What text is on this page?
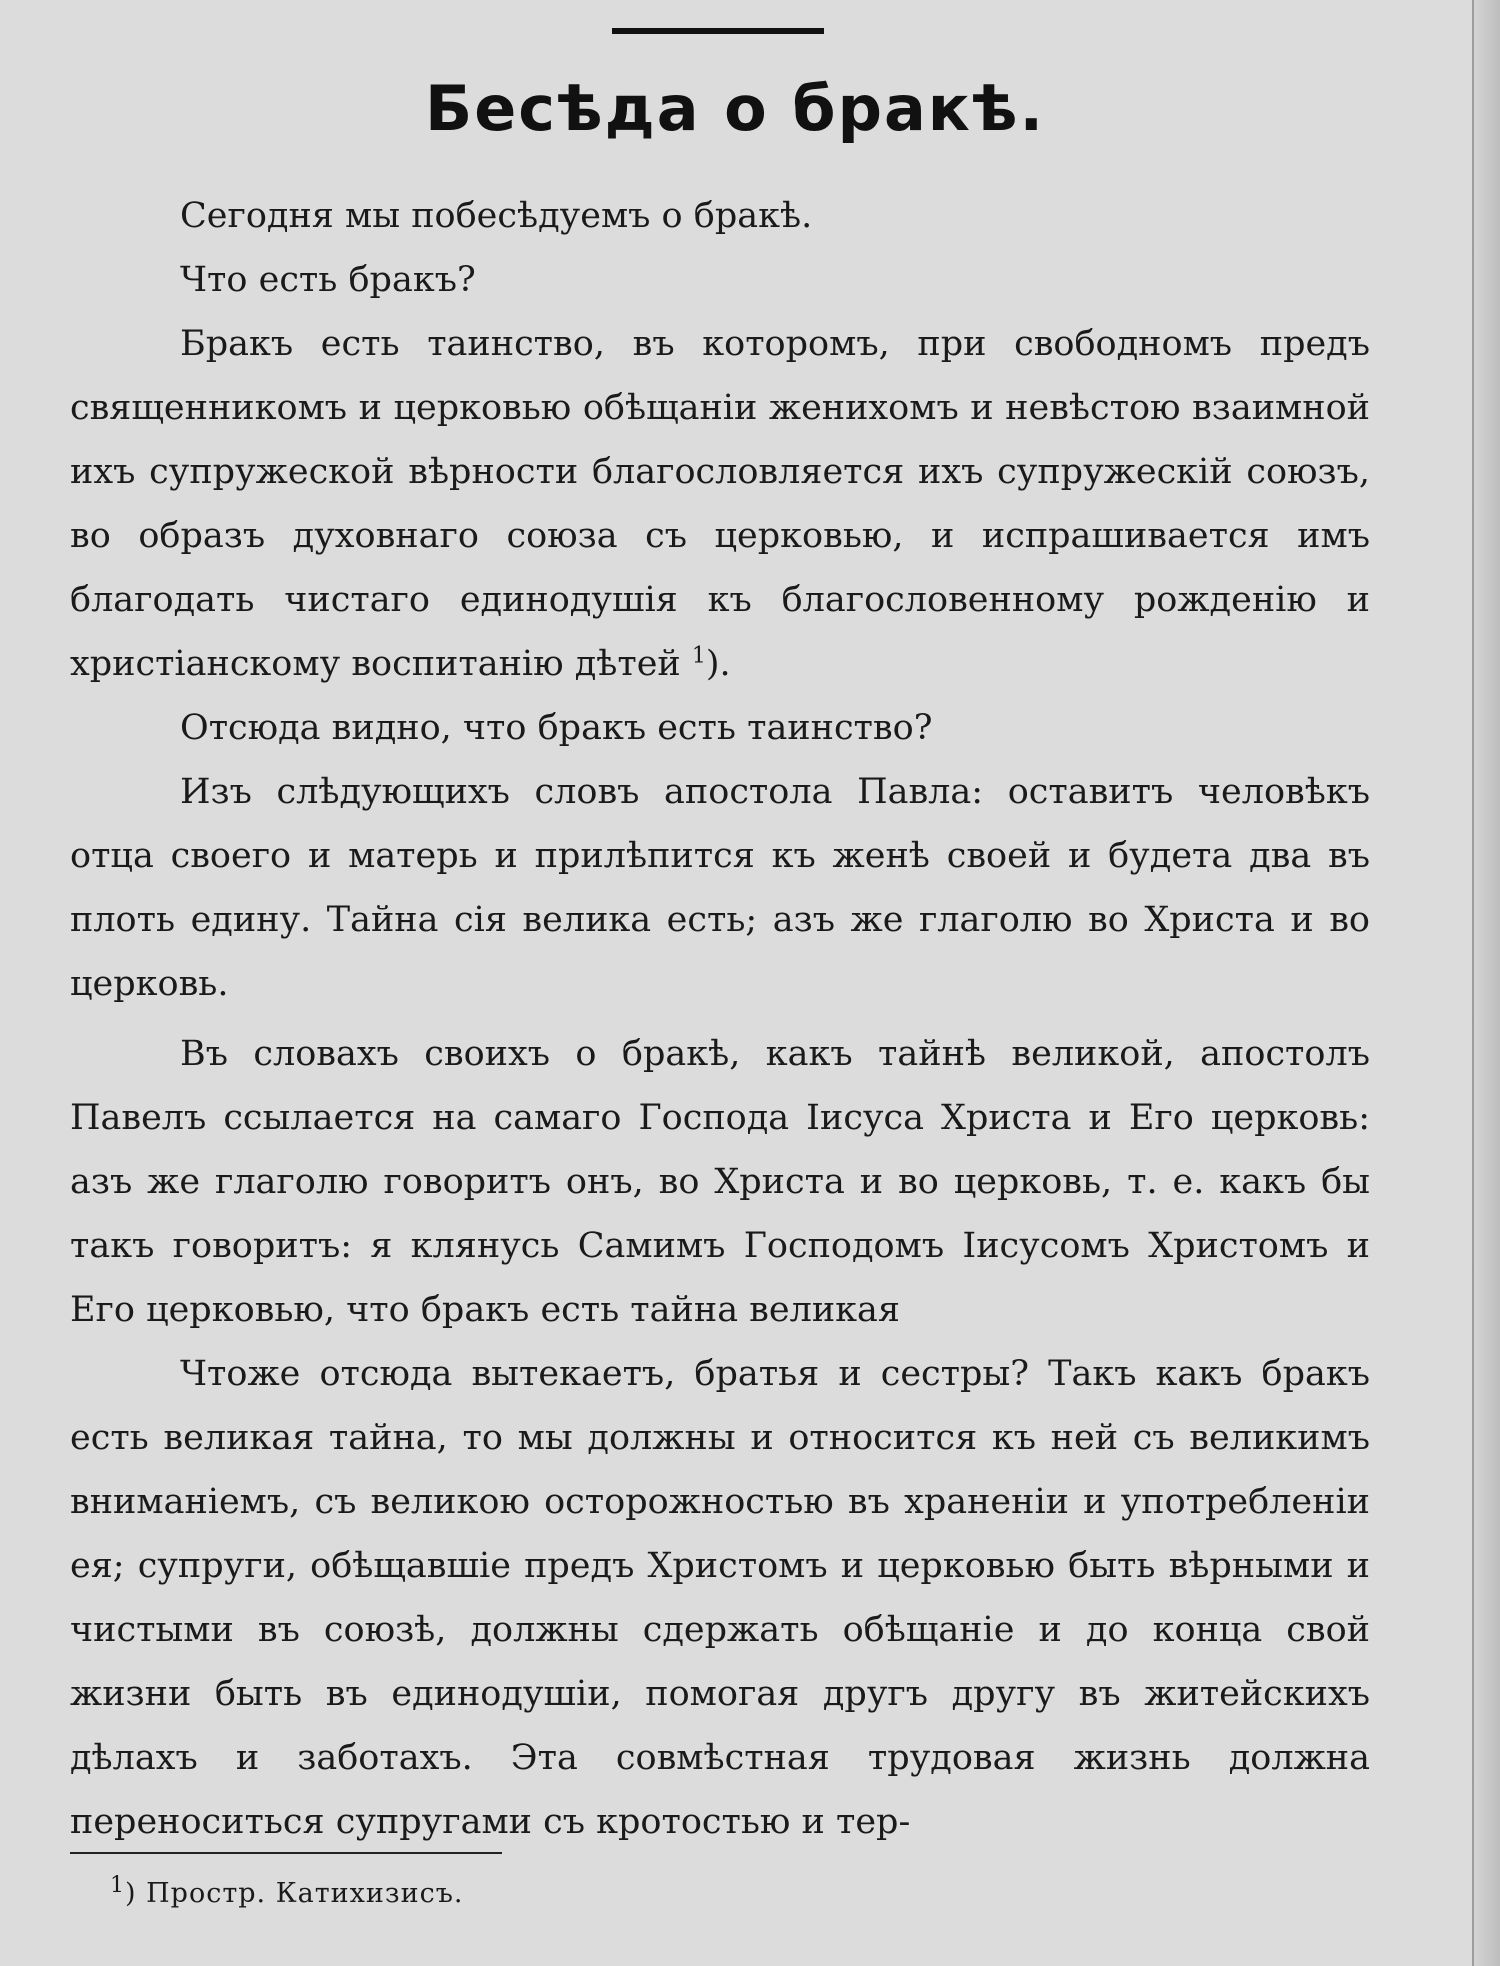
Бесѣда о бракѣ.

Сегодня мы побесѣдуемъ о бракѣ.

Что есть бракъ?

Бракъ есть таинство, въ которомъ, при свободномъ предъ священникомъ и церковью обѣщаніи женихомъ и невѣстою взаимной ихъ супружеской вѣрности благословляется ихъ супружескій союзъ, во образъ духовнаго союза съ церковью, и испрашивается имъ благодать чистаго единодушія къ благословенному рожденію и христіанскому воспитанію дѣтей $^1$).

Отсюда видно, что бракъ есть таинство?

Изъ слѣдующихъ словъ апостола Павла: оставитъ человѣкъ отца своего и матерь и прилѣпится къ женѣ своей и будета два въ плоть едину. Тайна сія велика есть; азъ же глаголю во Христа и во церковь.

Въ словахъ своихъ о бракѣ, какъ тайнѣ великой, апостолъ Павелъ ссылается на самаго Господа Іисуса Христа и Его церковь: азъ же глаголю говоритъ онъ, во Христа и во церковь, т. е. какъ бы такъ говоритъ: я клянусь Самимъ Господомъ Іисусомъ Христомъ и Его церковью, что бракъ есть тайна великая

Чтоже отсюда вытекаетъ, братья и сестры? Такъ какъ бракъ есть великая тайна, то мы должны и относится къ ней съ великимъ вниманіемъ, съ великою осторожностью въ храненіи и употребленіи ея; супруги, обѣщавшіе предъ Христомъ и церковью быть вѣрными и чистыми въ союзѣ, должны сдержать обѣщаніе и до конца свой жизни быть въ единодушіи, помогая другъ другу въ житейскихъ дѣлахъ и заботахъ. Эта совмѣстная трудовая жизнь должна переноситься супругами съ кротостью и тер-

$^1$) Простр. Катихизисъ.
